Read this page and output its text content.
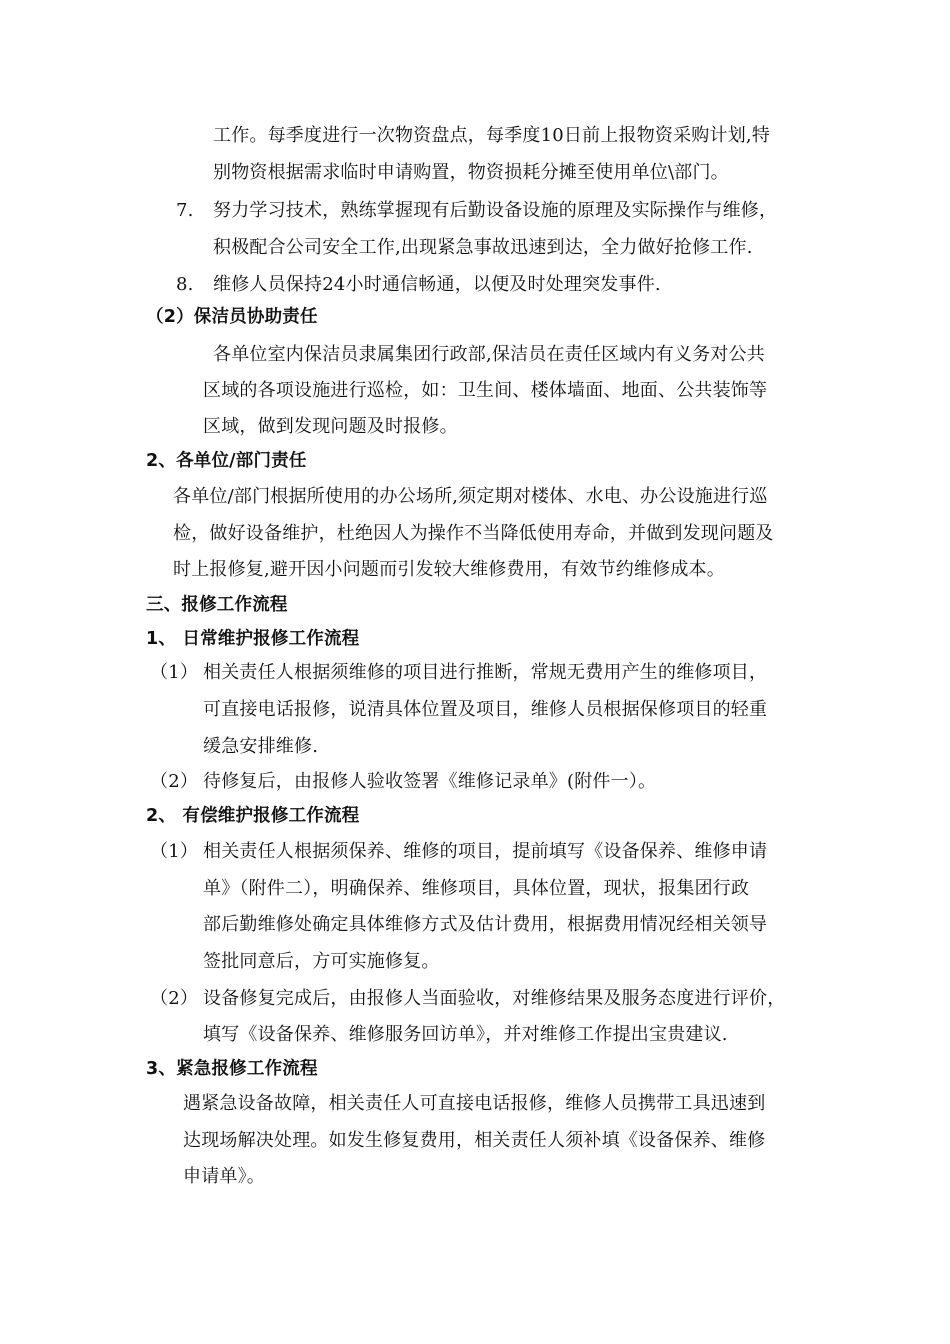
工作。每季度进行一次物资盘点，每季度10日前上报物资采购计划,特
别物资根据需求临时申请购置，物资损耗分摊至使用单位\部门。
7. 努力学习技术，熟练掌握现有后勤设备设施的原理及实际操作与维修，
积极配合公司安全工作,出现紧急事故迅速到达，全力做好抢修工作.
8. 维修人员保持24小时通信畅通，以便及时处理突发事件.
（2）保洁员协助责任
各单位室内保洁员隶属集团行政部,保洁员在责任区域内有义务对公共
区域的各项设施进行巡检，如：卫生间、楼体墙面、地面、公共装饰等
区域，做到发现问题及时报修。
2、各单位/部门责任
各单位/部门根据所使用的办公场所,须定期对楼体、水电、办公设施进行巡
检，做好设备维护，杜绝因人为操作不当降低使用寿命，并做到发现问题及
时上报修复,避开因小问题而引发较大维修费用，有效节约维修成本。
三、报修工作流程
1、 日常维护报修工作流程
（1） 相关责任人根据须维修的项目进行推断，常规无费用产生的维修项目，
可直接电话报修，说清具体位置及项目，维修人员根据保修项目的轻重
缓急安排维修.
（2） 待修复后，由报修人验收签署《维修记录单》(附件一）。
2、 有偿维护报修工作流程
（1） 相关责任人根据须保养、维修的项目，提前填写《设备保养、维修申请
单》（附件二），明确保养、维修项目，具体位置，现状，报集团行政
部后勤维修处确定具体维修方式及估计费用，根据费用情况经相关领导
签批同意后，方可实施修复。
（2） 设备修复完成后，由报修人当面验收，对维修结果及服务态度进行评价，
填写《设备保养、维修服务回访单》，并对维修工作提出宝贵建议.
3、紧急报修工作流程
遇紧急设备故障，相关责任人可直接电话报修，维修人员携带工具迅速到
达现场解决处理。如发生修复费用，相关责任人须补填《设备保养、维修
申请单》。
